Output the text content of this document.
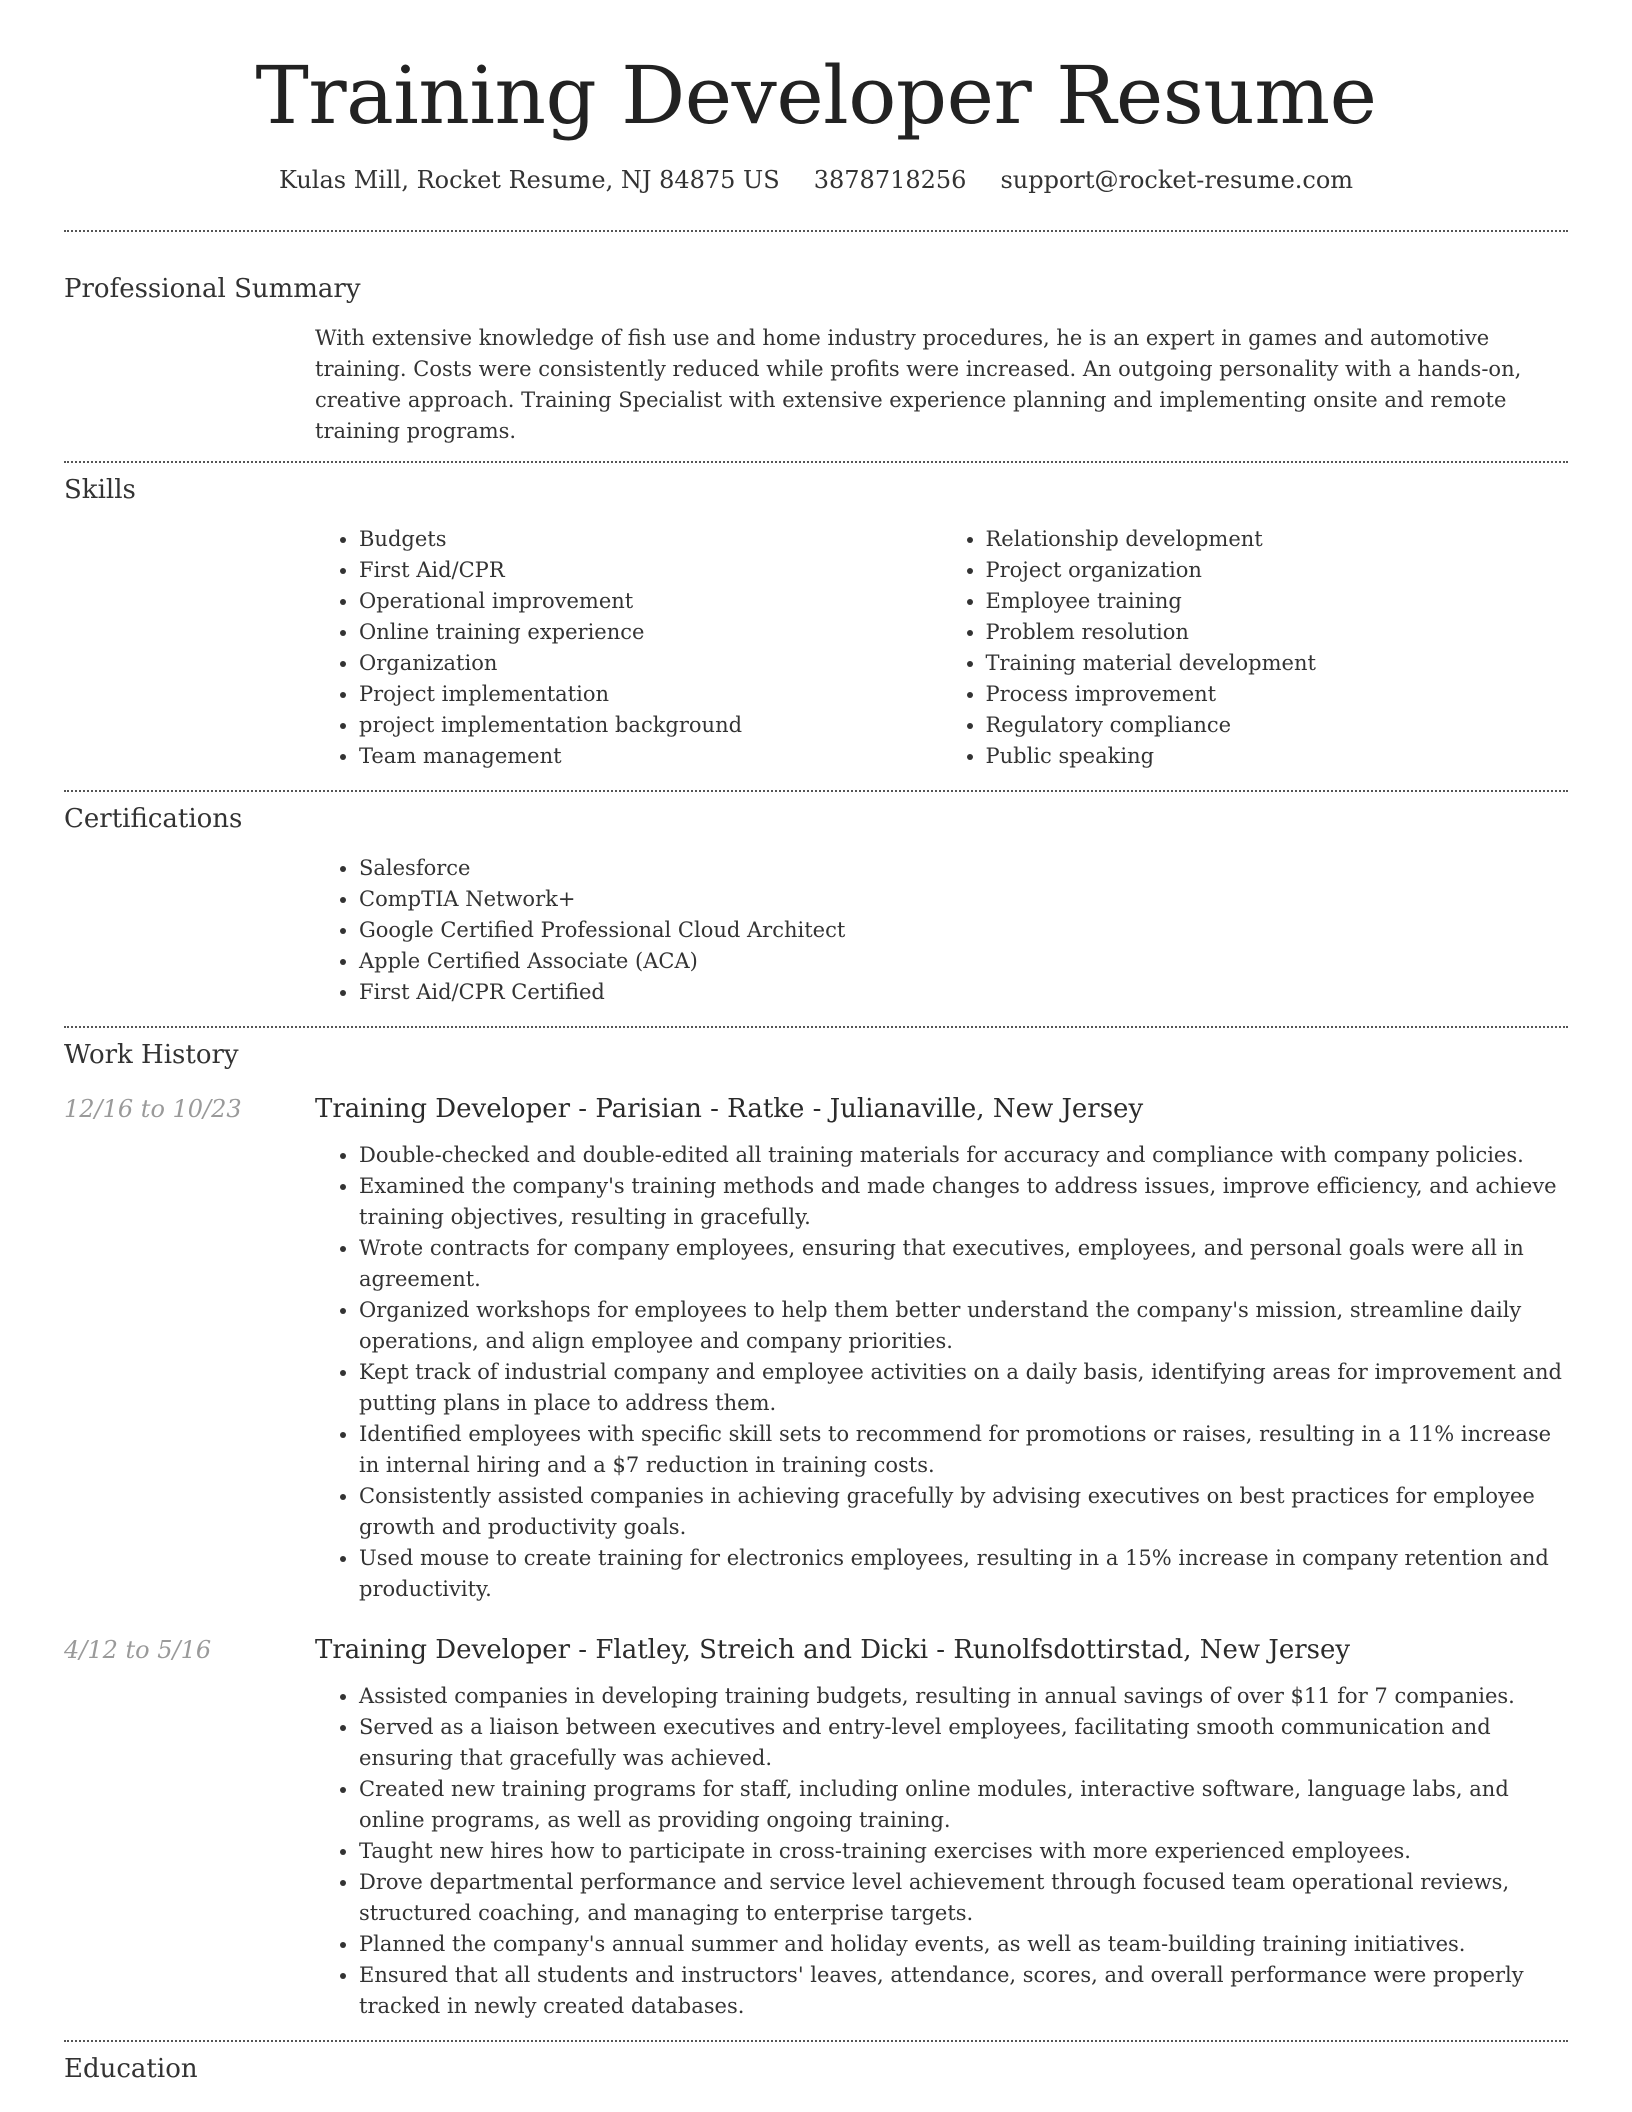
Training Developer Resume
Kulas Mill, Rocket Resume, NJ 84875 US 3878718256 support@rocket-resume.com
Professional Summary
With extensive knowledge of fish use and home industry procedures, he is an expert in games and automotive training. Costs were consistently reduced while profits were increased. An outgoing personality with a hands-on, creative approach. Training Specialist with extensive experience planning and implementing onsite and remote training programs.
Skills
• Budgets
• First Aid/CPR
• Operational improvement
• Online training experience
• Organization
• Project implementation
• project implementation background
• Team management
• Relationship development
• Project organization
• Employee training
• Problem resolution
• Training material development
• Process improvement
• Regulatory compliance
• Public speaking
Certifications
• Salesforce
• CompTIA Network+
• Google Certified Professional Cloud Architect
• Apple Certified Associate (ACA)
• First Aid/CPR Certified
Work History
12/16 to 10/23	Training Developer - Parisian - Ratke - Julianaville, New Jersey
• Double-checked and double-edited all training materials for accuracy and compliance with company policies.
• Examined the company's training methods and made changes to address issues, improve efficiency, and achieve training objectives, resulting in gracefully.
• Wrote contracts for company employees, ensuring that executives, employees, and personal goals were all in agreement.
• Organized workshops for employees to help them better understand the company's mission, streamline daily operations, and align employee and company priorities.
• Kept track of industrial company and employee activities on a daily basis, identifying areas for improvement and putting plans in place to address them.
• Identified employees with specific skill sets to recommend for promotions or raises, resulting in a 11% increase in internal hiring and a $7 reduction in training costs.
• Consistently assisted companies in achieving gracefully by advising executives on best practices for employee growth and productivity goals.
• Used mouse to create training for electronics employees, resulting in a 15% increase in company retention and productivity.
4/12 to 5/16	Training Developer - Flatley, Streich and Dicki - Runolfsdottirstad, New Jersey
• Assisted companies in developing training budgets, resulting in annual savings of over $11 for 7 companies.
• Served as a liaison between executives and entry-level employees, facilitating smooth communication and ensuring that gracefully was achieved.
• Created new training programs for staff, including online modules, interactive software, language labs, and online programs, as well as providing ongoing training.
• Taught new hires how to participate in cross-training exercises with more experienced employees.
• Drove departmental performance and service level achievement through focused team operational reviews, structured coaching, and managing to enterprise targets.
• Planned the company's annual summer and holiday events, as well as team-building training initiatives.
• Ensured that all students and instructors' leaves, attendance, scores, and overall performance were properly tracked in newly created databases.
Education
